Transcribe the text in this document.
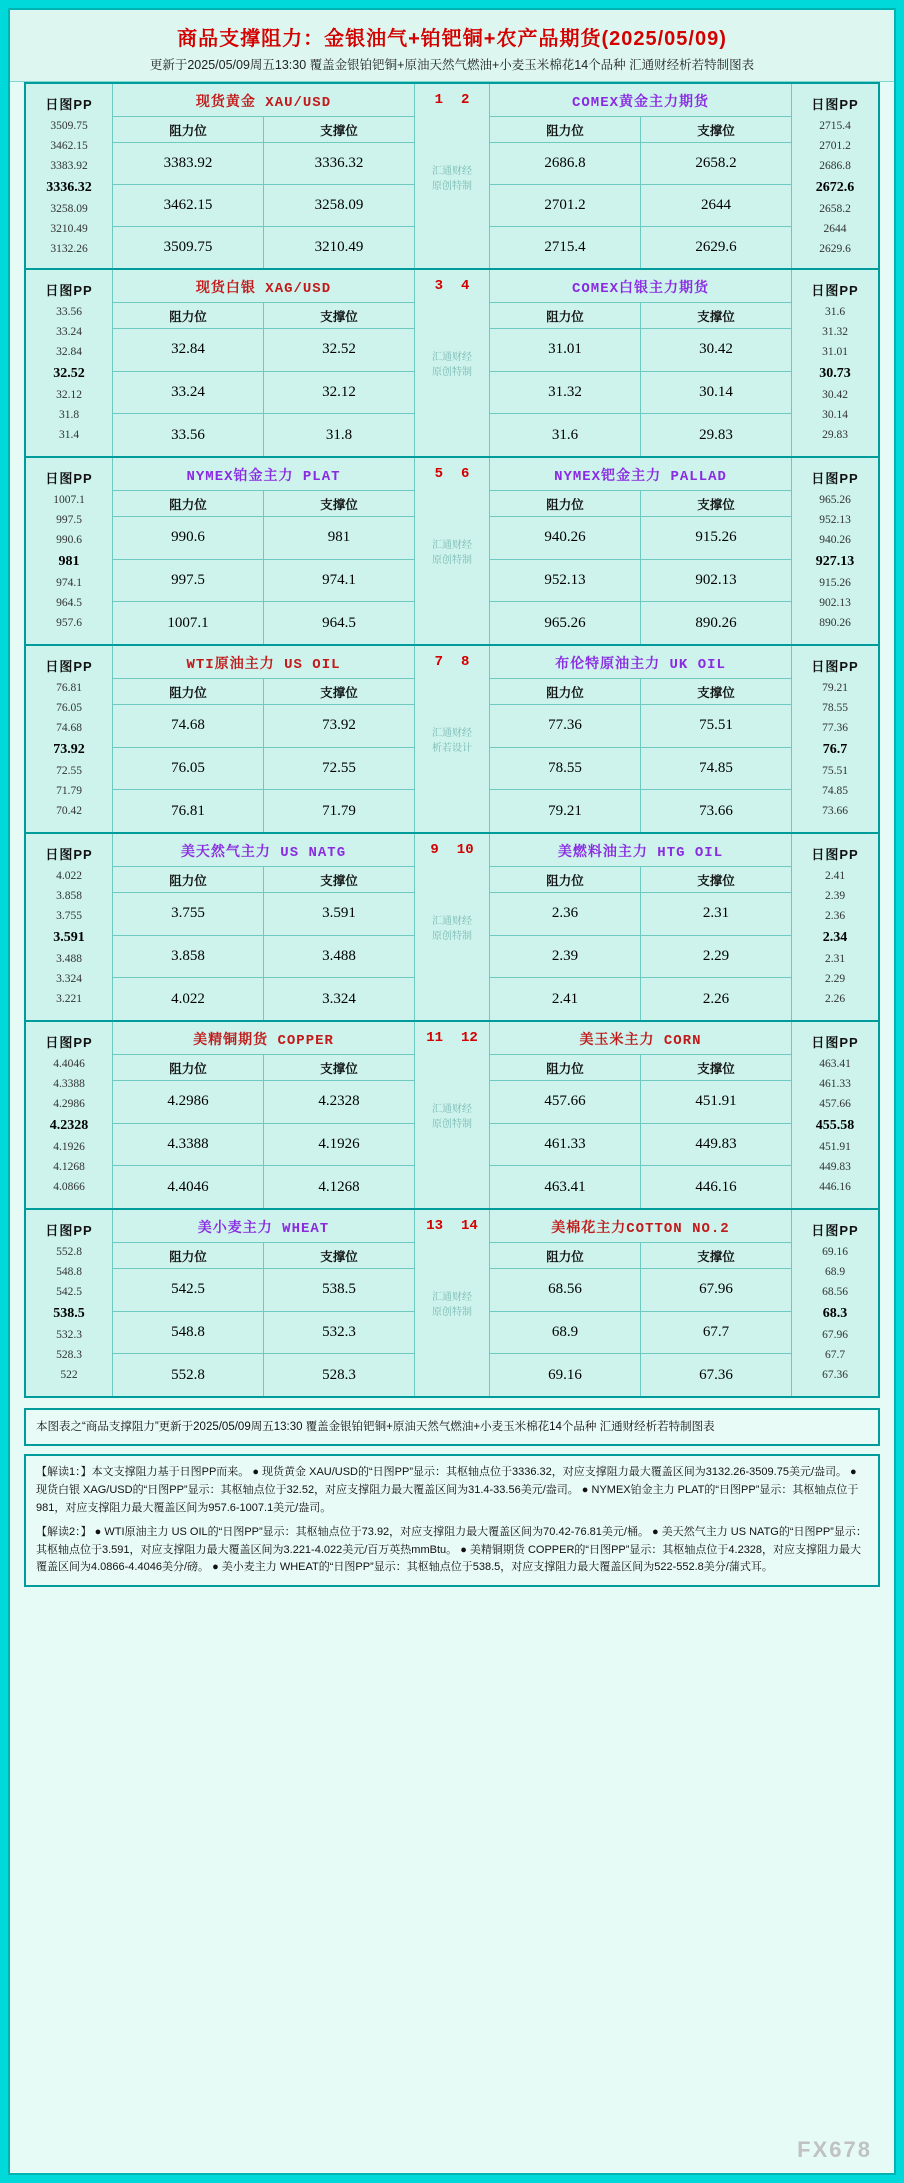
商品支撑阻力：金银油气+铂钯铜+农产品期货(2025/05/09)
更新于2025/05/09周五13:30 覆盖金银铂钯铜+原油天然气燃油+小麦玉米棉花14个品种 汇通财经析若特制图表
日图PP
3509.75
3462.15
3383.92
3336.32
3258.09
3210.49
3132.26
现货黄金 XAU/USD
阻力位	支撑位
3383.92	3336.32
3462.15	3258.09
3509.75	3210.49
1 2
汇通财经
原创特制
COMEX黄金主力期货
阻力位	支撑位
2686.8	2658.2
2701.2	2644
2715.4	2629.6
日图PP
2715.4
2701.2
2686.8
2672.6
2658.2
2644
2629.6
日图PP
33.56
33.24
32.84
32.52
32.12
31.8
31.4
现货白银 XAG/USD
阻力位	支撑位
32.84	32.52
33.24	32.12
33.56	31.8
3 4
汇通财经
原创特制
COMEX白银主力期货
阻力位	支撑位
31.01	30.42
31.32	30.14
31.6	29.83
日图PP
31.6
31.32
31.01
30.73
30.42
30.14
29.83
日图PP
1007.1
997.5
990.6
981
974.1
964.5
957.6
NYMEX铂金主力 PLAT
阻力位	支撑位
990.6	981
997.5	974.1
1007.1	964.5
5 6
汇通财经
原创特制
NYMEX钯金主力 PALLAD
阻力位	支撑位
940.26	915.26
952.13	902.13
965.26	890.26
日图PP
965.26
952.13
940.26
927.13
915.26
902.13
890.26
日图PP
76.81
76.05
74.68
73.92
72.55
71.79
70.42
WTI原油主力 US OIL
阻力位	支撑位
74.68	73.92
76.05	72.55
76.81	71.79
7 8
汇通财经
析若设计
布伦特原油主力 UK OIL
阻力位	支撑位
77.36	75.51
78.55	74.85
79.21	73.66
日图PP
79.21
78.55
77.36
76.7
75.51
74.85
73.66
日图PP
4.022
3.858
3.755
3.591
3.488
3.324
3.221
美天然气主力 US NATG
阻力位	支撑位
3.755	3.591
3.858	3.488
4.022	3.324
9 10
汇通财经
原创特制
美燃料油主力 HTG OIL
阻力位	支撑位
2.36	2.31
2.39	2.29
2.41	2.26
日图PP
2.41
2.39
2.36
2.34
2.31
2.29
2.26
日图PP
4.4046
4.3388
4.2986
4.2328
4.1926
4.1268
4.0866
美精铜期货 COPPER
阻力位	支撑位
4.2986	4.2328
4.3388	4.1926
4.4046	4.1268
11 12
汇通财经
原创特制
美玉米主力 CORN
阻力位	支撑位
457.66	451.91
461.33	449.83
463.41	446.16
日图PP
463.41
461.33
457.66
455.58
451.91
449.83
446.16
日图PP
552.8
548.8
542.5
538.5
532.3
528.3
522
美小麦主力 WHEAT
阻力位	支撑位
542.5	538.5
548.8	532.3
552.8	528.3
13 14
汇通财经
原创特制
美棉花主力COTTON NO.2
阻力位	支撑位
68.56	67.96
68.9	67.7
69.16	67.36
日图PP
69.16
68.9
68.56
68.3
67.96
67.7
67.36
本图表之“商品支撑阻力”更新于2025/05/09周五13:30 覆盖金银铂钯铜+原油天然气燃油+小麦玉米棉花14个品种 汇通财经析若特制图表

【解读1：】本文支撑阻力基于日图PP而来。 ● 现货黄金 XAU/USD的“日图PP”显示：其枢轴点位于3336.32，对应支撑阻力最大覆盖区间为3132.26-3509.75美元/盎司。 ● 现货白银 XAG/USD的“日图PP”显示：其枢轴点位于32.52，对应支撑阻力最大覆盖区间为31.4-33.56美元/盎司。 ● NYMEX铂金主力 PLAT的“日图PP”显示：其枢轴点位于981，对应支撑阻力最大覆盖区间为957.6-1007.1美元/盎司。

【解读2：】 ● WTI原油主力 US OIL的“日图PP”显示：其枢轴点位于73.92，对应支撑阻力最大覆盖区间为70.42-76.81美元/桶。 ● 美天然气主力 US NATG的“日图PP”显示：其枢轴点位于3.591，对应支撑阻力最大覆盖区间为3.221-4.022美元/百万英热mmBtu。 ● 美精铜期货 COPPER的“日图PP”显示：其枢轴点位于4.2328，对应支撑阻力最大覆盖区间为4.0866-4.4046美分/磅。 ● 美小麦主力 WHEAT的“日图PP”显示：其枢轴点位于538.5，对应支撑阻力最大覆盖区间为522-552.8美分/蒲式耳。

FX678
